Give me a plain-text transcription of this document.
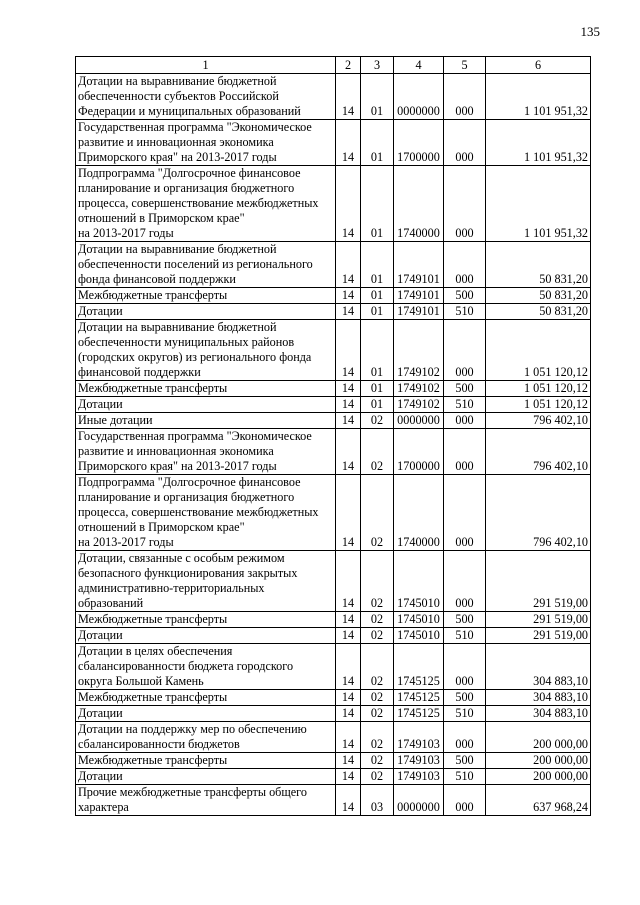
135
1	2	3	4	5	6

Дотации на выравнивание бюджетной
обеспеченности субъектов Российской
Федерации и муниципальных образований	14	01	0000000	000	1 101 951,32

Государственная программа "Экономическое
развитие и инновационная экономика
Приморского края" на 2013-2017 годы	14	01	1700000	000	1 101 951,32

Подпрограмма "Долгосрочное финансовое
планирование и организация бюджетного
процесса, совершенствование межбюджетных
отношений в Приморском крае"
на 2013-2017 годы	14	01	1740000	000	1 101 951,32

Дотации на выравнивание бюджетной
обеспеченности поселений из регионального
фонда финансовой поддержки	14	01	1749101	000	50 831,20

Межбюджетные трансферты	14	01	1749101	500	50 831,20

Дотации	14	01	1749101	510	50 831,20

Дотации на выравнивание бюджетной
обеспеченности муниципальных районов
(городских округов) из регионального фонда
финансовой поддержки	14	01	1749102	000	1 051 120,12

Межбюджетные трансферты	14	01	1749102	500	1 051 120,12

Дотации	14	01	1749102	510	1 051 120,12

Иные дотации	14	02	0000000	000	796 402,10

Государственная программа "Экономическое
развитие и инновационная экономика
Приморского края" на 2013-2017 годы	14	02	1700000	000	796 402,10

Подпрограмма "Долгосрочное финансовое
планирование и организация бюджетного
процесса, совершенствование межбюджетных
отношений в Приморском крае"
на 2013-2017 годы	14	02	1740000	000	796 402,10

Дотации, связанные с особым режимом
безопасного функционирования закрытых
административно-территориальных
образований	14	02	1745010	000	291 519,00

Межбюджетные трансферты	14	02	1745010	500	291 519,00

Дотации	14	02	1745010	510	291 519,00

Дотации в целях обеспечения
сбалансированности бюджета городского
округа Большой Камень	14	02	1745125	000	304 883,10

Межбюджетные трансферты	14	02	1745125	500	304 883,10

Дотации	14	02	1745125	510	304 883,10

Дотации на поддержку мер по обеспечению
сбалансированности бюджетов	14	02	1749103	000	200 000,00

Межбюджетные трансферты	14	02	1749103	500	200 000,00

Дотации	14	02	1749103	510	200 000,00

Прочие межбюджетные трансферты общего
характера	14	03	0000000	000	637 968,24
